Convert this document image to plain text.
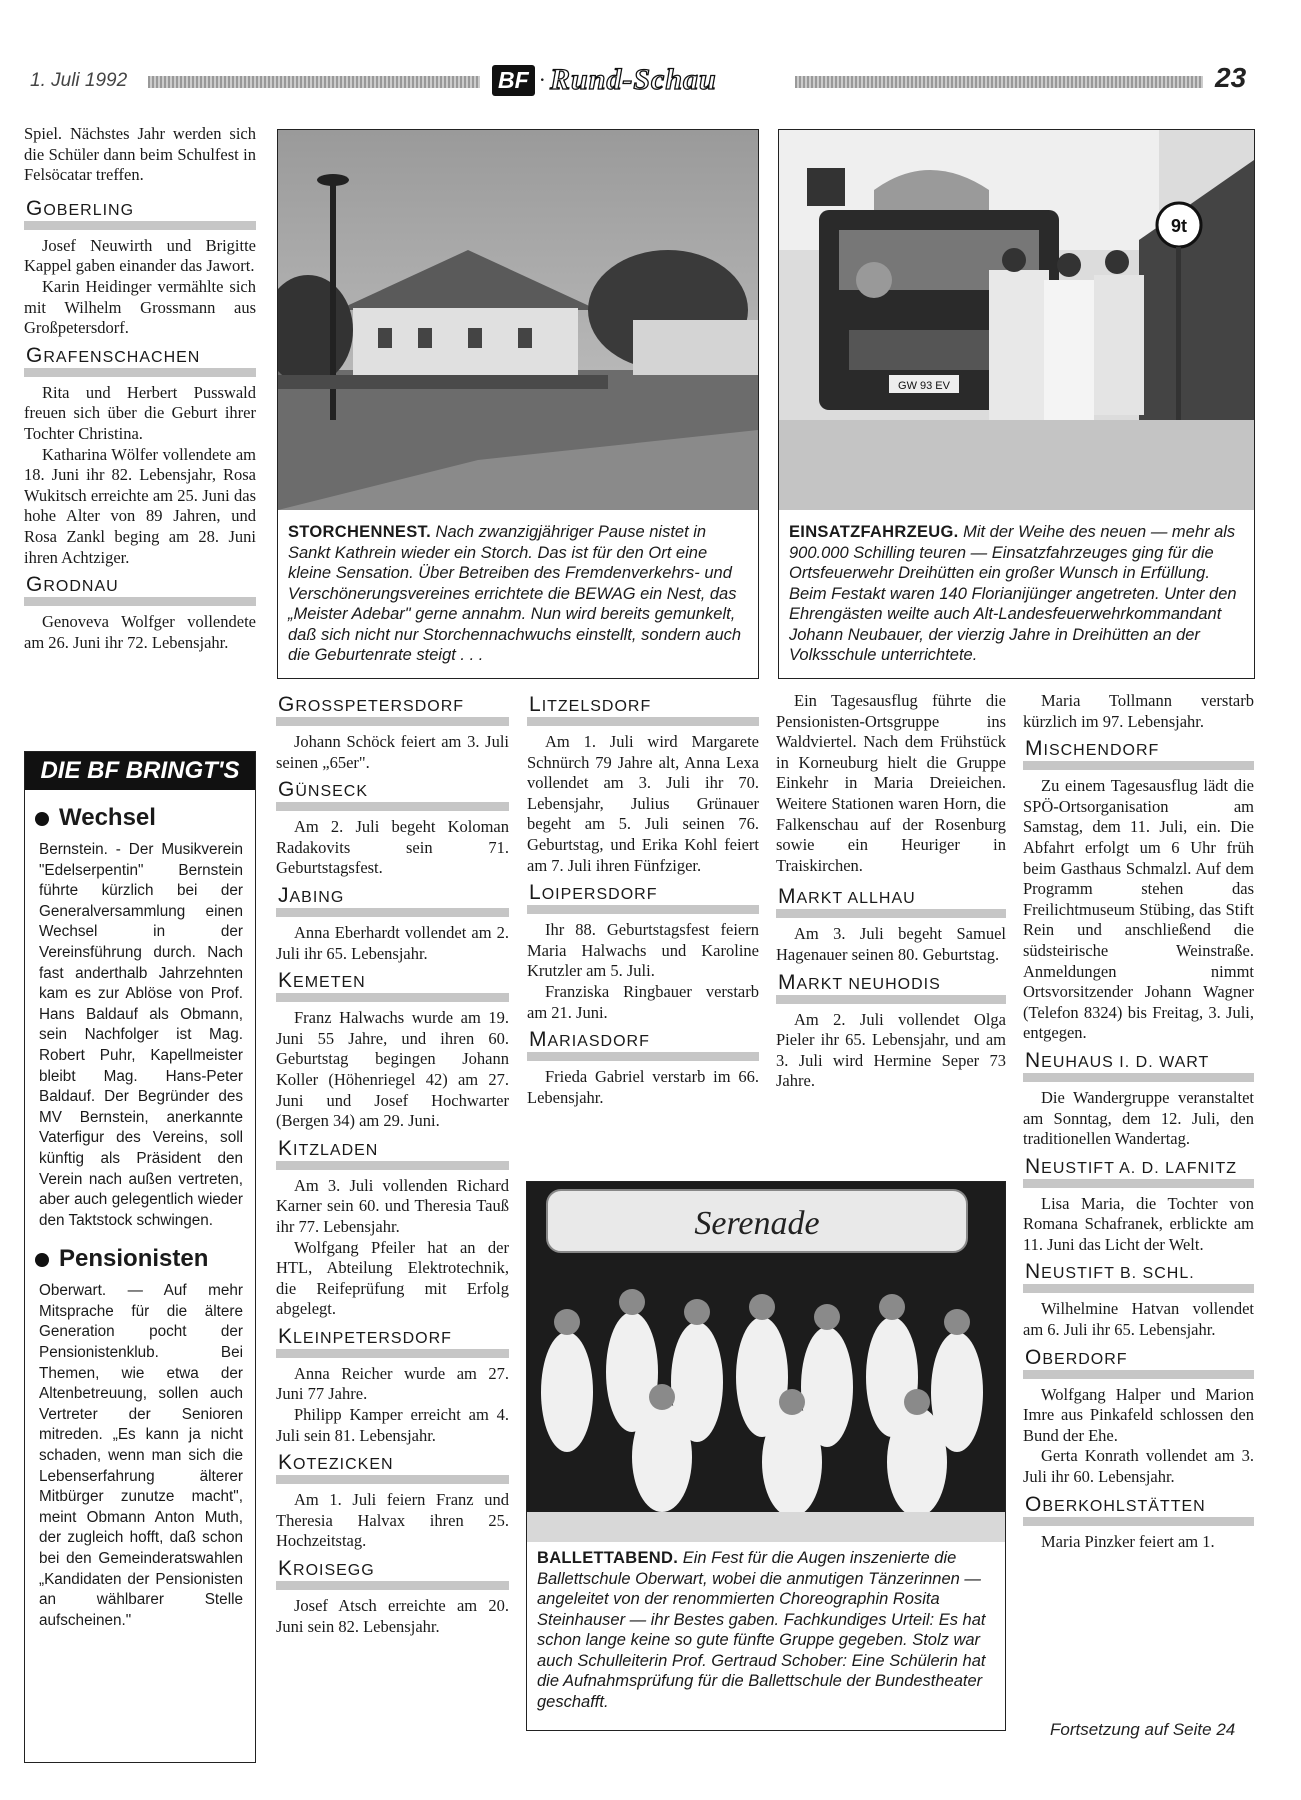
1. Juli 1992	BF · Rund-Schau	23
Spiel. Nächstes Jahr werden sich die Schüler dann beim Schulfest in Felsöcatar treffen.
GOBERLING

Josef Neuwirth und Brigitte Kappel gaben einander das Jawort.

Karin Heidinger vermählte sich mit Wilhelm Grossmann aus Großpetersdorf.

GRAFENSCHACHEN

Rita und Herbert Pusswald freuen sich über die Geburt ihrer Tochter Christina.

Katharina Wölfer vollendete am 18. Juni ihr 82. Lebensjahr, Rosa Wukitsch erreichte am 25. Juni das hohe Alter von 89 Jahren, und Rosa Zankl beging am 28. Juni ihren Achtziger.

GRODNAU

Genoveva Wolfger vollendete am 26. Juni ihr 72. Lebensjahr.

DIE BF BRINGT'S
Wechsel
Bernstein. - Der Musikverein "Edelserpentin" Bernstein führte kürzlich bei der Generalversammlung einen Wechsel in der Vereinsführung durch. Nach fast anderthalb Jahrzehnten kam es zur Ablöse von Prof. Hans Baldauf als Obmann, sein Nachfolger ist Mag. Robert Puhr, Kapellmeister bleibt Mag. Hans-Peter Baldauf. Der Begründer des MV Bernstein, anerkannte Vaterfigur des Vereins, soll künftig als Präsident den Verein nach außen vertreten, aber auch gelegentlich wieder den Taktstock schwingen.
Pensionisten
Oberwart. — Auf mehr Mitsprache für die ältere Generation pocht der Pensionistenklub. Bei Themen, wie etwa der Altenbetreuung, sollen auch Vertreter der Senioren mitreden. „Es kann ja nicht schaden, wenn man sich die Lebenserfahrung älterer Mitbürger zunutze macht", meint Obmann Anton Muth, der zugleich hofft, daß schon bei den Gemeinderatswahlen „Kandidaten der Pensionisten an wählbarer Stelle aufscheinen."
STORCHENNEST. Nach zwanzigjähriger Pause nistet in Sankt Kathrein wieder ein Storch. Das ist für den Ort eine kleine Sensation. Über Betreiben des Fremdenverkehrs- und Verschönerungsvereines errichtete die BEWAG ein Nest, das „Meister Adebar" gerne annahm. Nun wird bereits gemunkelt, daß sich nicht nur Storchennachwuchs einstellt, sondern auch die Geburtenrate steigt . . .
GW 93 EV
9t
EINSATZFAHRZEUG. Mit der Weihe des neuen — mehr als 900.000 Schilling teuren — Einsatzfahrzeuges ging für die Ortsfeuerwehr Dreihütten ein großer Wunsch in Erfüllung. Beim Festakt waren 140 Florianijünger angetreten. Unter den Ehrengästen weilte auch Alt-Landesfeuerwehrkommandant Johann Neubauer, der vierzig Jahre in Dreihütten an der Volksschule unterrichtete.
GROSSPETERSDORF

Johann Schöck feiert am 3. Juli seinen „65er".

GÜNSECK

Am 2. Juli begeht Koloman Radakovits sein 71. Geburtstagsfest.

JABING

Anna Eberhardt vollendet am 2. Juli ihr 65. Lebensjahr.

KEMETEN

Franz Halwachs wurde am 19. Juni 55 Jahre, und ihren 60. Geburtstag begingen Johann Koller (Höhenriegel 42) am 27. Juni und Josef Hochwarter (Bergen 34) am 29. Juni.

KITZLADEN

Am 3. Juli vollenden Richard Karner sein 60. und Theresia Tauß ihr 77. Lebensjahr.

Wolfgang Pfeiler hat an der HTL, Abteilung Elektrotechnik, die Reifeprüfung mit Erfolg abgelegt.

KLEINPETERSDORF

Anna Reicher wurde am 27. Juni 77 Jahre.

Philipp Kamper erreicht am 4. Juli sein 81. Lebensjahr.

KOTEZICKEN

Am 1. Juli feiern Franz und Theresia Halvax ihren 25. Hochzeitstag.

KROISEGG

Josef Atsch erreichte am 20. Juni sein 82. Lebensjahr.

LITZELSDORF

Am 1. Juli wird Margarete Schnürch 79 Jahre alt, Anna Lexa vollendet am 3. Juli ihr 70. Lebensjahr, Julius Grünauer begeht am 5. Juli seinen 76. Geburtstag, und Erika Kohl feiert am 7. Juli ihren Fünfziger.

LOIPERSDORF

Ihr 88. Geburtstagsfest feiern Maria Halwachs und Karoline Krutzler am 5. Juli.

Franziska Ringbauer verstarb am 21. Juni.

MARIASDORF

Frieda Gabriel verstarb im 66. Lebensjahr.

Ein Tagesausflug führte die Pensionisten-Ortsgruppe ins Waldviertel. Nach dem Frühstück in Korneuburg hielt die Gruppe Einkehr in Maria Dreieichen. Weitere Stationen waren Horn, die Falkenschau auf der Rosenburg sowie ein Heuriger in Traiskirchen.

MARKT ALLHAU

Am 3. Juli begeht Samuel Hagenauer seinen 80. Geburtstag.

MARKT NEUHODIS

Am 2. Juli vollendet Olga Pieler ihr 65. Lebensjahr, und am 3. Juli wird Hermine Seper 73 Jahre.

Serenade
BALLETTABEND. Ein Fest für die Augen inszenierte die Ballettschule Oberwart, wobei die anmutigen Tänzerinnen — angeleitet von der renommierten Choreographin Rosita Steinhauser — ihr Bestes gaben. Fachkundiges Urteil: Es hat schon lange keine so gute fünfte Gruppe gegeben. Stolz war auch Schulleiterin Prof. Gertraud Schober: Eine Schülerin hat die Aufnahmsprüfung für die Ballettschule der Bundestheater geschafft.

Maria Tollmann verstarb kürzlich im 97. Lebensjahr.

MISCHENDORF

Zu einem Tagesausflug lädt die SPÖ-Ortsorganisation am Samstag, dem 11. Juli, ein. Die Abfahrt erfolgt um 6 Uhr früh beim Gasthaus Schmalzl. Auf dem Programm stehen das Freilichtmuseum Stübing, das Stift Rein und anschließend die südsteirische Weinstraße. Anmeldungen nimmt Ortsvorsitzender Johann Wagner (Telefon 8324) bis Freitag, 3. Juli, entgegen.

NEUHAUS I. D. WART

Die Wandergruppe veranstaltet am Sonntag, dem 12. Juli, den traditionellen Wandertag.

NEUSTIFT A. D. LAFNITZ

Lisa Maria, die Tochter von Romana Schafranek, erblickte am 11. Juni das Licht der Welt.

NEUSTIFT B. SCHL.

Wilhelmine Hatvan vollendet am 6. Juli ihr 65. Lebensjahr.

OBERDORF

Wolfgang Halper und Marion Imre aus Pinkafeld schlossen den Bund der Ehe.

Gerta Konrath vollendet am 3. Juli ihr 60. Lebensjahr.

OBERKOHLSTÄTTEN

Maria Pinzker feiert am 1.

Fortsetzung auf Seite 24
